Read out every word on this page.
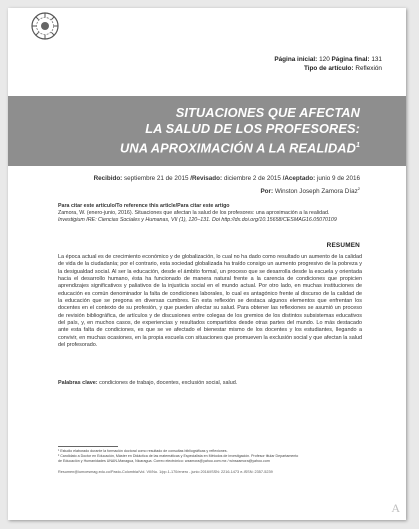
Página inicial: 120 Página final: 131
Tipo de artículo: Reflexión
SITUACIONES QUE AFECTAN
LA SALUD DE LOS PROFESORES:
UNA APROXIMACIÓN A LA REALIDAD$^1$
Recibido: septiembre 21 de 2015 /Revisado: diciembre 2 de 2015 /Aceptado: junio 9 de 2016
Por: Winston Joseph Zamora Díaz$^2$
Para citar este artículo/To reference this article/Para citar este artigo
Zamora, W. (enero-junio, 2016). Situaciones que afectan la salud de los profesores: una aproximación a la realidad.
Investigium IRE: Ciencias Sociales y Humanas, VII (1), 120–131. Doi http://dx.doi.org/10.15658/CESMAG16.05070109
RESUMEN
La época actual es de crecimiento económico y de globalización, lo cual no ha dado como resultado un aumento de la calidad de vida de la ciudadanía; por el contrario, esta sociedad globalizada ha traído consigo un aumento progresivo de la pobreza y la desigualdad social. Al ser la educación, desde el ámbito formal, un proceso que se desarrolla desde la escuela y orientada hacia el desarrollo humano, ésta ha funcionado de manera natural frente a la carencia de condiciones que propicien aprendizajes significativos y paliativos de la injusticia social en el mundo actual. Por otro lado, en muchas instituciones de educación es común denominador la falta de condiciones laborales, lo cual es antagónico frente al discurso de la calidad de la educación que se pregona en diversas cumbres. En esta reflexión se destaca algunos elementos que enfrentan los docentes en el contexto de su profesión, y que pueden afectar su salud. Para obtener las reflexiones se asumió un proceso de revisión bibliográfica, de artículos y de discusiones entre colegas de los gremios de los distintos subsistemas educativos del país, y, en muchos casos, de experiencias y resultados compartidos desde otras partes del mundo. Lo más destacado ante esta falta de condiciones, es que se ve afectado el bienestar mismo de los docentes y los estudiantes, llegando a convivir, en muchas ocasiones, en la propia escuela con situaciones que promueven la exclusión social y que afectan la salud del profesorado.
Palabras clave: condiciones de trabajo, docentes, exclusión social, salud.
¹ Estudio elaborado durante la formación doctoral como resultado de consultas bibliográficas y reflexiones.
² Candidato a Doctor en Educación, Máster en Didáctica de las matemáticas y Especialista en Métodos de investigación. Profesor titular Departamento
de Educación y Humanidades UNAN-Managua, Nicaragua. Correo electrónico: wzamora@yahoo.com.mx / winszamora@yahoo.com
Resumen@iumcesmag.edu.co/Pasto-Colombia/Vol. VII/No. 1/pp.1-170/enero - junio 2016/ISSN: 2216-1473 e-ISSN: 2357-5239
A
